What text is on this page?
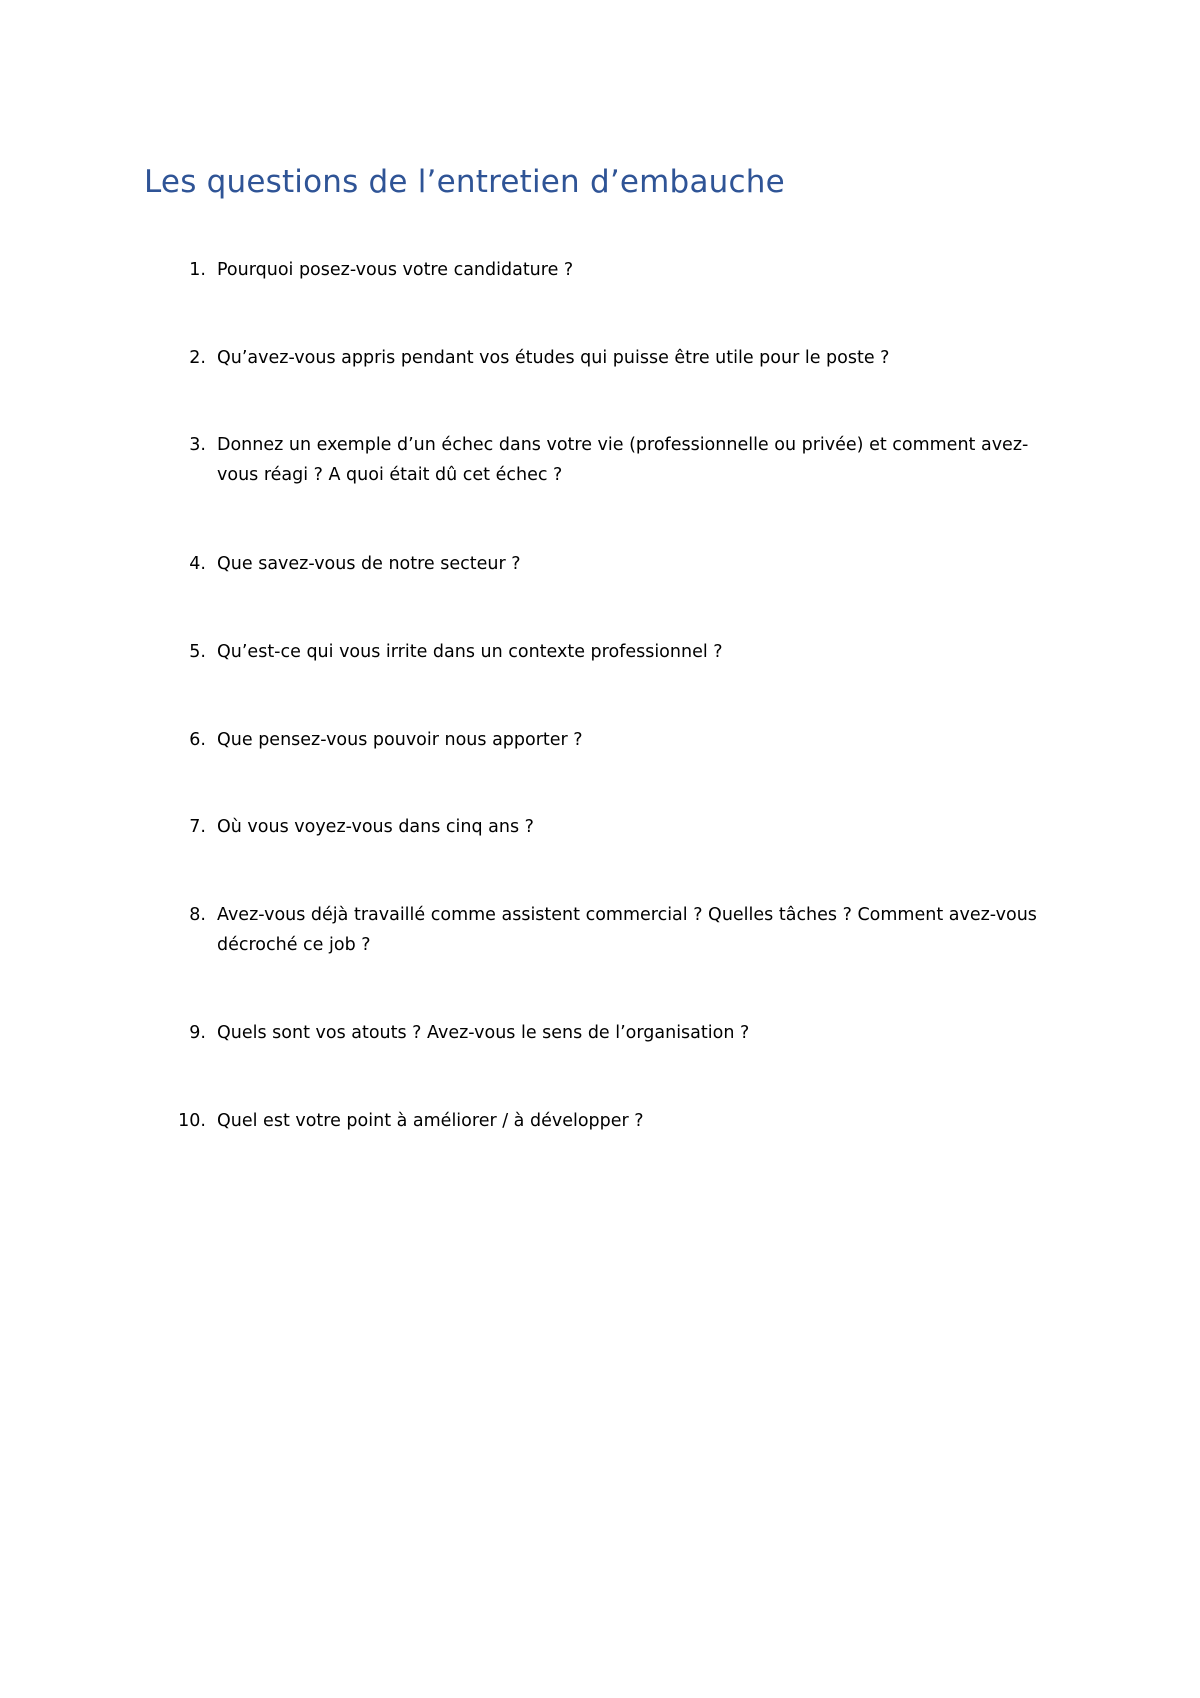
Les questions de l’entretien d’embauche
1. Pourquoi posez-vous votre candidature ?
2. Qu’avez-vous appris pendant vos études qui puisse être utile pour le poste ?
3. Donnez un exemple d’un échec dans votre vie (professionnelle ou privée) et comment avez-vous réagi ? A quoi était dû cet échec ?
4. Que savez-vous de notre secteur ?
5. Qu’est-ce qui vous irrite dans un contexte professionnel ?
6. Que pensez-vous pouvoir nous apporter ?
7. Où vous voyez-vous dans cinq ans ?
8. Avez-vous déjà travaillé comme assistent commercial ? Quelles tâches ? Comment avez-vous décroché ce job ?
9. Quels sont vos atouts ? Avez-vous le sens de l’organisation ?
10. Quel est votre point à améliorer / à développer ?
